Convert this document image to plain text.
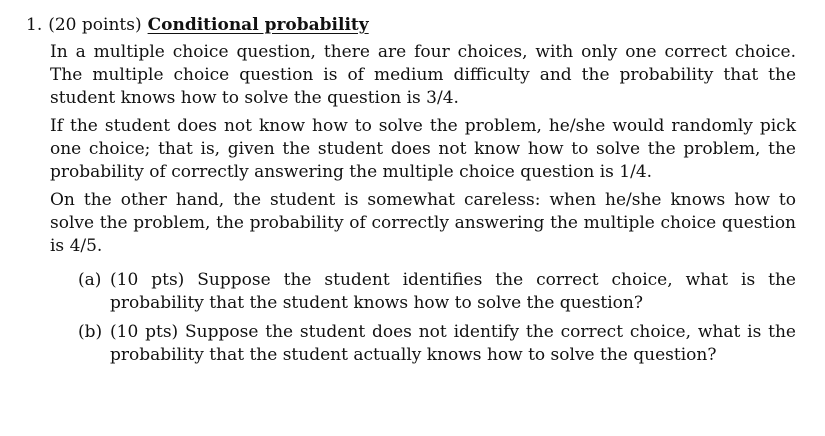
1. (20 points) Conditional probability

In a multiple choice question, there are four choices, with only one correct choice. The multiple choice question is of medium difficulty and the probability that the student knows how to solve the question is 3/4.

If the student does not know how to solve the problem, he/she would randomly pick one choice; that is, given the student does not know how to solve the problem, the probability of correctly answering the multiple choice question is 1/4.

On the other hand, the student is somewhat careless: when he/she knows how to solve the problem, the probability of correctly answering the multiple choice question is 4/5.

(a) (10 pts) Suppose the student identifies the correct choice, what is the probability that the student knows how to solve the question?
(b) (10 pts) Suppose the student does not identify the correct choice, what is the probability that the student actually knows how to solve the question?
